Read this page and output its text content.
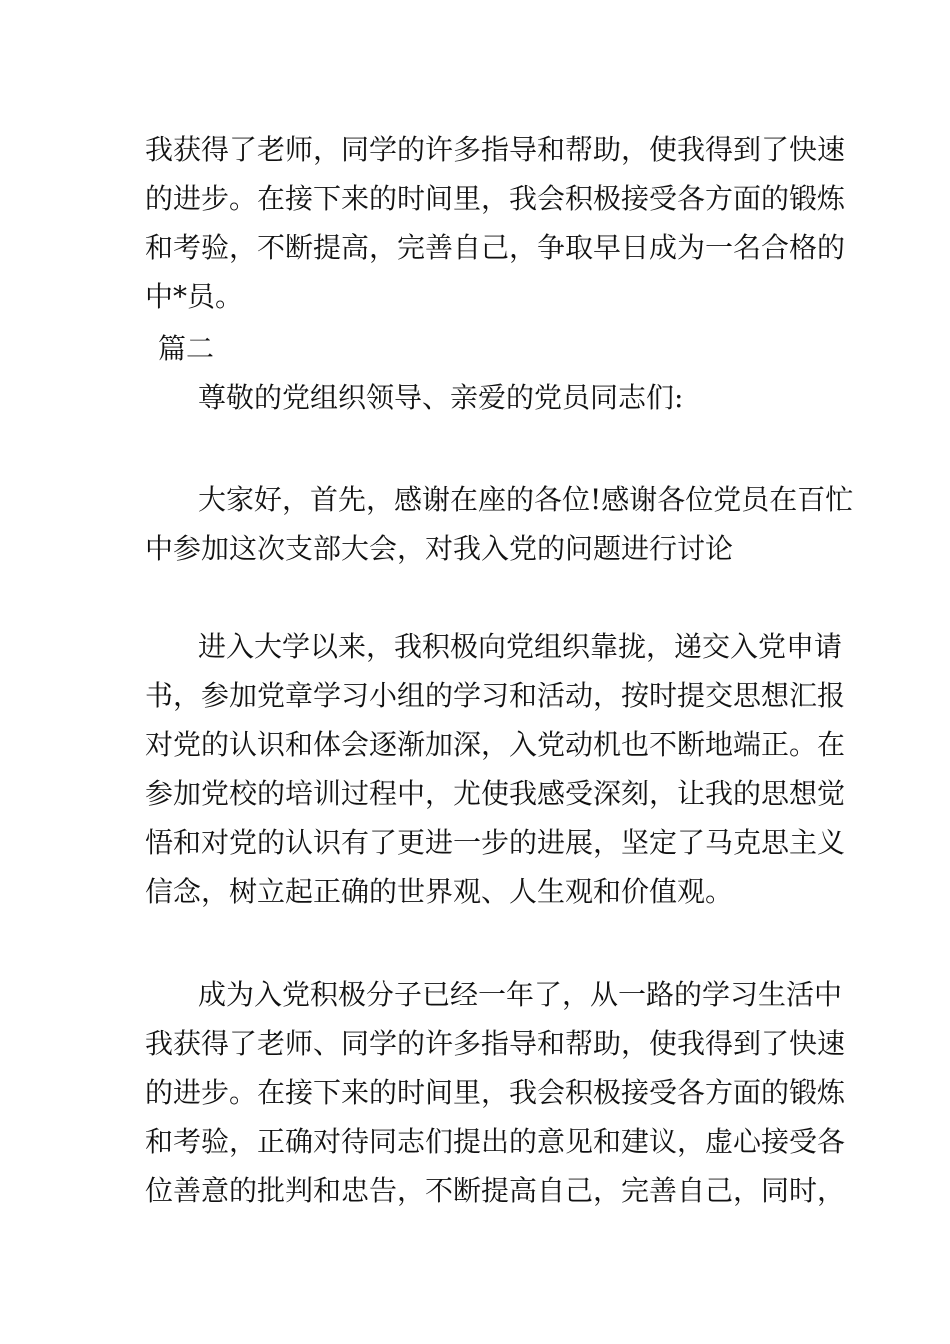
我获得了老师，同学的许多指导和帮助，使我得到了快速
的进步。在接下来的时间里，我会积极接受各方面的锻炼
和考验，不断提高，完善自己，争取早日成为一名合格的
中*员。
篇二
尊敬的党组织领导、亲爱的党员同志们:
大家好，首先，感谢在座的各位!感谢各位党员在百忙
中参加这次支部大会，对我入党的问题进行讨论
进入大学以来，我积极向党组织靠拢，递交入党申请
书，参加党章学习小组的学习和活动，按时提交思想汇报
对党的认识和体会逐渐加深，入党动机也不断地端正。在
参加党校的培训过程中，尤使我感受深刻，让我的思想觉
悟和对党的认识有了更进一步的进展，坚定了马克思主义
信念，树立起正确的世界观、人生观和价值观。
成为入党积极分子已经一年了，从一路的学习生活中
我获得了老师、同学的许多指导和帮助，使我得到了快速
的进步。在接下来的时间里，我会积极接受各方面的锻炼
和考验，正确对待同志们提出的意见和建议，虚心接受各
位善意的批判和忠告，不断提高自己，完善自己，同时，
